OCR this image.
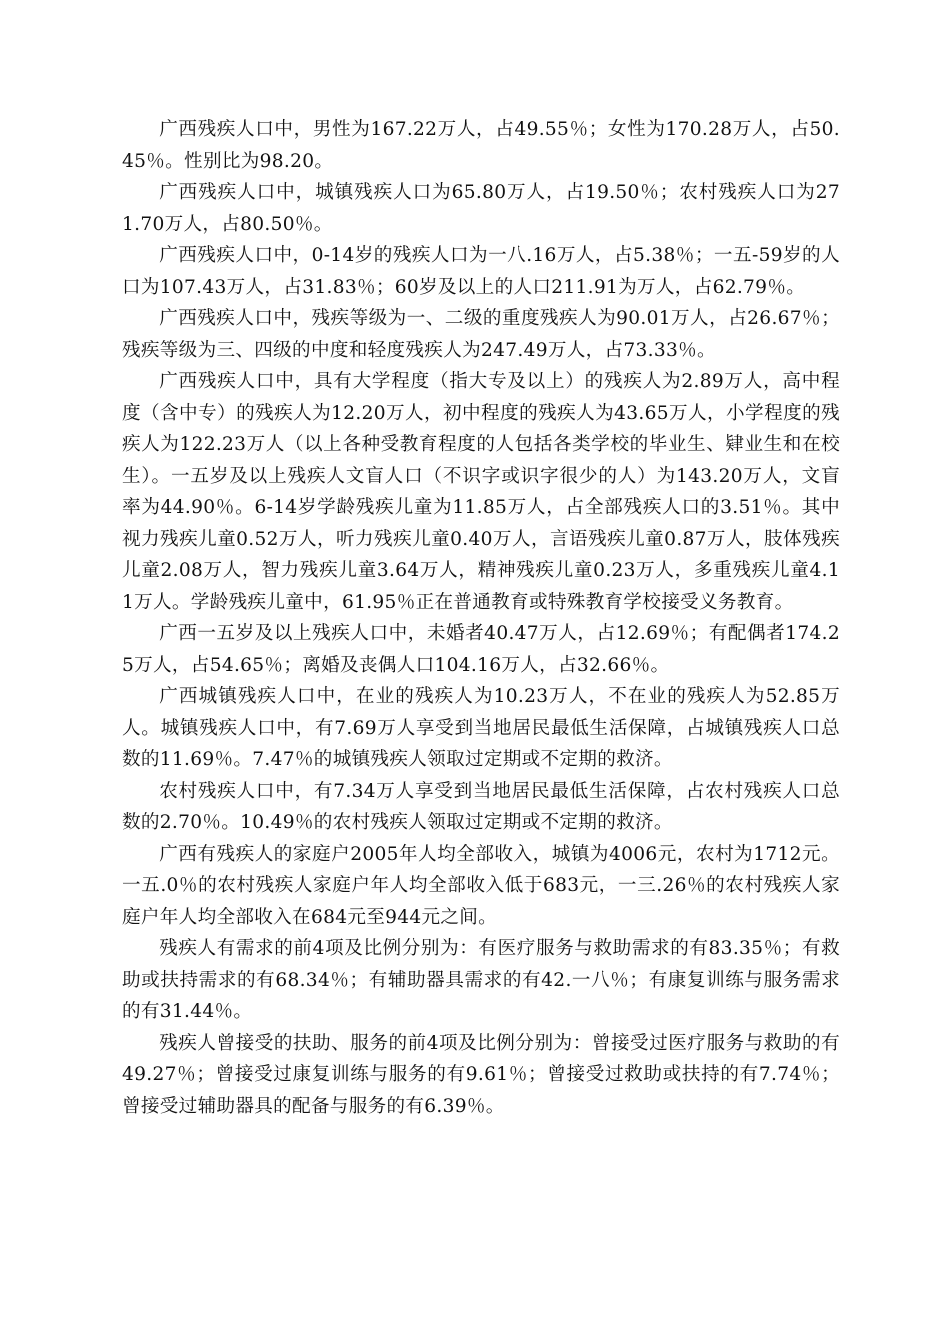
广西残疾人口中，男性为167.22万人，占49.55％；女性为170.28万人，占50.45％。性别比为98.20。

广西残疾人口中，城镇残疾人口为65.80万人，占19.50％；农村残疾人口为271.70万人，占80.50％。

广西残疾人口中，0-14岁的残疾人口为一八.16万人，占5.38％；一五-59岁的人口为107.43万人，占31.83％；60岁及以上的人口211.91为万人，占62.79％。

广西残疾人口中，残疾等级为一、二级的重度残疾人为90.01万人，占26.67％；残疾等级为三、四级的中度和轻度残疾人为247.49万人，占73.33％。

广西残疾人口中，具有大学程度（指大专及以上）的残疾人为2.89万人，高中程度（含中专）的残疾人为12.20万人，初中程度的残疾人为43.65万人，小学程度的残疾人为122.23万人（以上各种受教育程度的人包括各类学校的毕业生、肄业生和在校生）。一五岁及以上残疾人文盲人口（不识字或识字很少的人）为143.20万人，文盲率为44.90％。6-14岁学龄残疾儿童为11.85万人，占全部残疾人口的3.51％。其中视力残疾儿童0.52万人，听力残疾儿童0.40万人，言语残疾儿童0.87万人，肢体残疾儿童2.08万人，智力残疾儿童3.64万人，精神残疾儿童0.23万人，多重残疾儿童4.11万人。学龄残疾儿童中，61.95％正在普通教育或特殊教育学校接受义务教育。

广西一五岁及以上残疾人口中，未婚者40.47万人，占12.69％；有配偶者174.25万人，占54.65％；离婚及丧偶人口104.16万人，占32.66％。

广西城镇残疾人口中，在业的残疾人为10.23万人，不在业的残疾人为52.85万人。城镇残疾人口中，有7.69万人享受到当地居民最低生活保障，占城镇残疾人口总数的11.69％。7.47％的城镇残疾人领取过定期或不定期的救济。

农村残疾人口中，有7.34万人享受到当地居民最低生活保障，占农村残疾人口总数的2.70％。10.49％的农村残疾人领取过定期或不定期的救济。

广西有残疾人的家庭户2005年人均全部收入，城镇为4006元，农村为1712元。一五.0％的农村残疾人家庭户年人均全部收入低于683元，一三.26％的农村残疾人家庭户年人均全部收入在684元至944元之间。

残疾人有需求的前4项及比例分别为：有医疗服务与救助需求的有83.35％；有救助或扶持需求的有68.34％；有辅助器具需求的有42.一八％；有康复训练与服务需求的有31.44％。

残疾人曾接受的扶助、服务的前4项及比例分别为：曾接受过医疗服务与救助的有49.27％；曾接受过康复训练与服务的有9.61％；曾接受过救助或扶持的有7.74％；曾接受过辅助器具的配备与服务的有6.39％。
